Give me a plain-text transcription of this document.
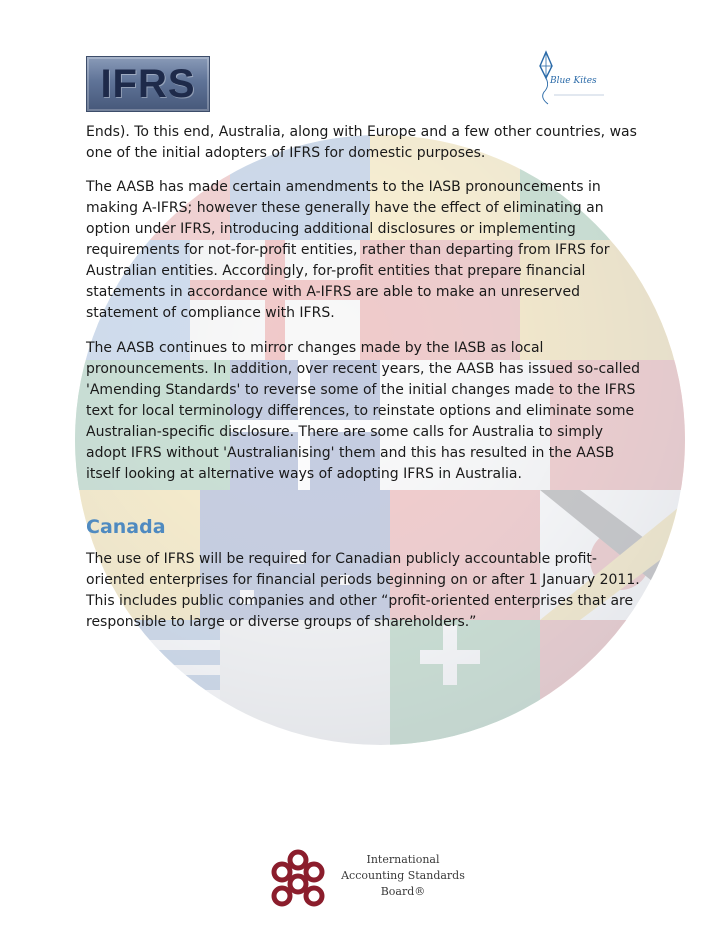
IFRS	Blue Kites

Ends). To this end, Australia, along with Europe and a few other countries, was one of the initial adopters of IFRS for domestic purposes.

The AASB has made certain amendments to the IASB pronouncements in making A-IFRS; however these generally have the effect of eliminating an option under IFRS, introducing additional disclosures or implementing requirements for not-for-profit entities, rather than departing from IFRS for Australian entities. Accordingly, for-profit entities that prepare financial statements in accordance with A-IFRS are able to make an unreserved statement of compliance with IFRS.

The AASB continues to mirror changes made by the IASB as local pronouncements. In addition, over recent years, the AASB has issued so-called 'Amending Standards' to reverse some of the initial changes made to the IFRS text for local terminology differences, to reinstate options and eliminate some Australian-specific disclosure. There are some calls for Australia to simply adopt IFRS without 'Australianising' them and this has resulted in the AASB itself looking at alternative ways of adopting IFRS in Australia.

Canada

The use of IFRS will be required for Canadian publicly accountable profit-oriented enterprises for financial periods beginning on or after 1 January 2011. This includes public companies and other “profit-oriented enterprises that are responsible to large or diverse groups of shareholders.”

International
Accounting Standards
Board®
